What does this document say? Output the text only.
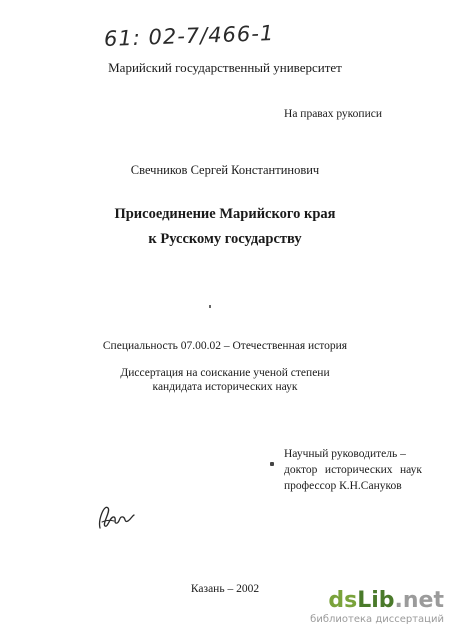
61: 02-7/466-1
Марийский государственный университет
На правах рукописи
Свечников Сергей Константинович
Присоединение Марийского края
к Русскому государству
Специальность 07.00.02 – Отечественная история
Диссертация на соискание ученой степени
кандидата исторических наук
Научный руководитель –
доктор исторических наук
профессор К.Н.Сануков
Казань – 2002	dsLib.net
библиотека диссертаций
